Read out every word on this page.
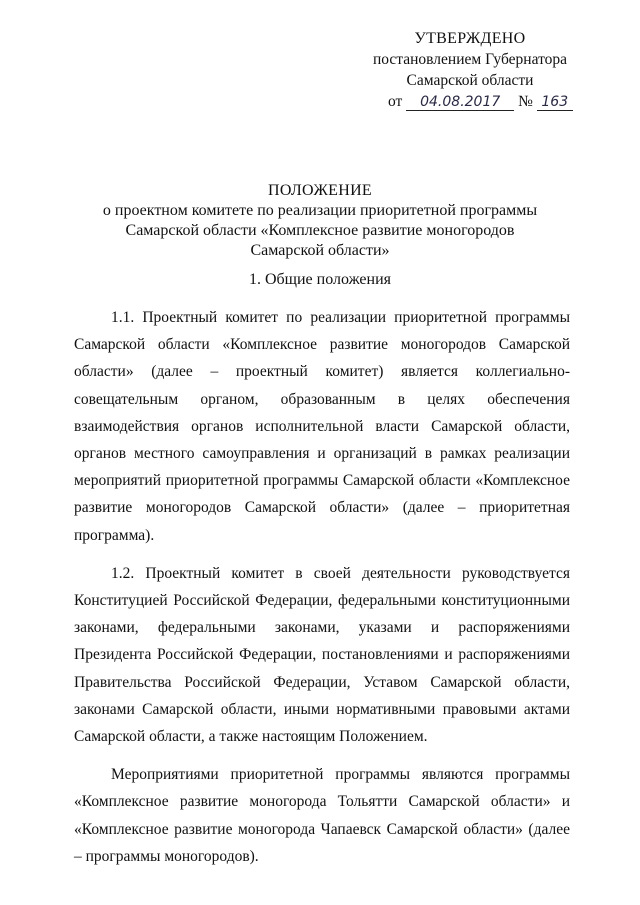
УТВЕРЖДЕНО
постановлением Губернатора
Самарской области
от 04.08.2017 № 163
ПОЛОЖЕНИЕ
о проектном комитете по реализации приоритетной программы
Самарской области «Комплексное развитие моногородов
Самарской области»
1. Общие положения

1.1. Проектный комитет по реализации приоритетной программы Самарской области «Комплексное развитие моногородов Самарской области» (далее – проектный комитет) является коллегиально-совещательным органом, образованным в целях обеспечения взаимодействия органов исполнительной власти Самарской области, органов местного самоуправления и организаций в рамках реализации мероприятий приоритетной программы Самарской области «Комплексное развитие моногородов Самарской области» (далее – приоритетная программа).

1.2. Проектный комитет в своей деятельности руководствуется Конституцией Российской Федерации, федеральными конституционными законами, федеральными законами, указами и распоряжениями Президента Российской Федерации, постановлениями и распоряжениями Правительства Российской Федерации, Уставом Самарской области, законами Самарской области, иными нормативными правовыми актами Самарской области, а также настоящим Положением.

Мероприятиями приоритетной программы являются программы «Комплексное развитие моногорода Тольятти Самарской области» и «Комплексное развитие моногорода Чапаевск Самарской области» (далее – программы моногородов).
